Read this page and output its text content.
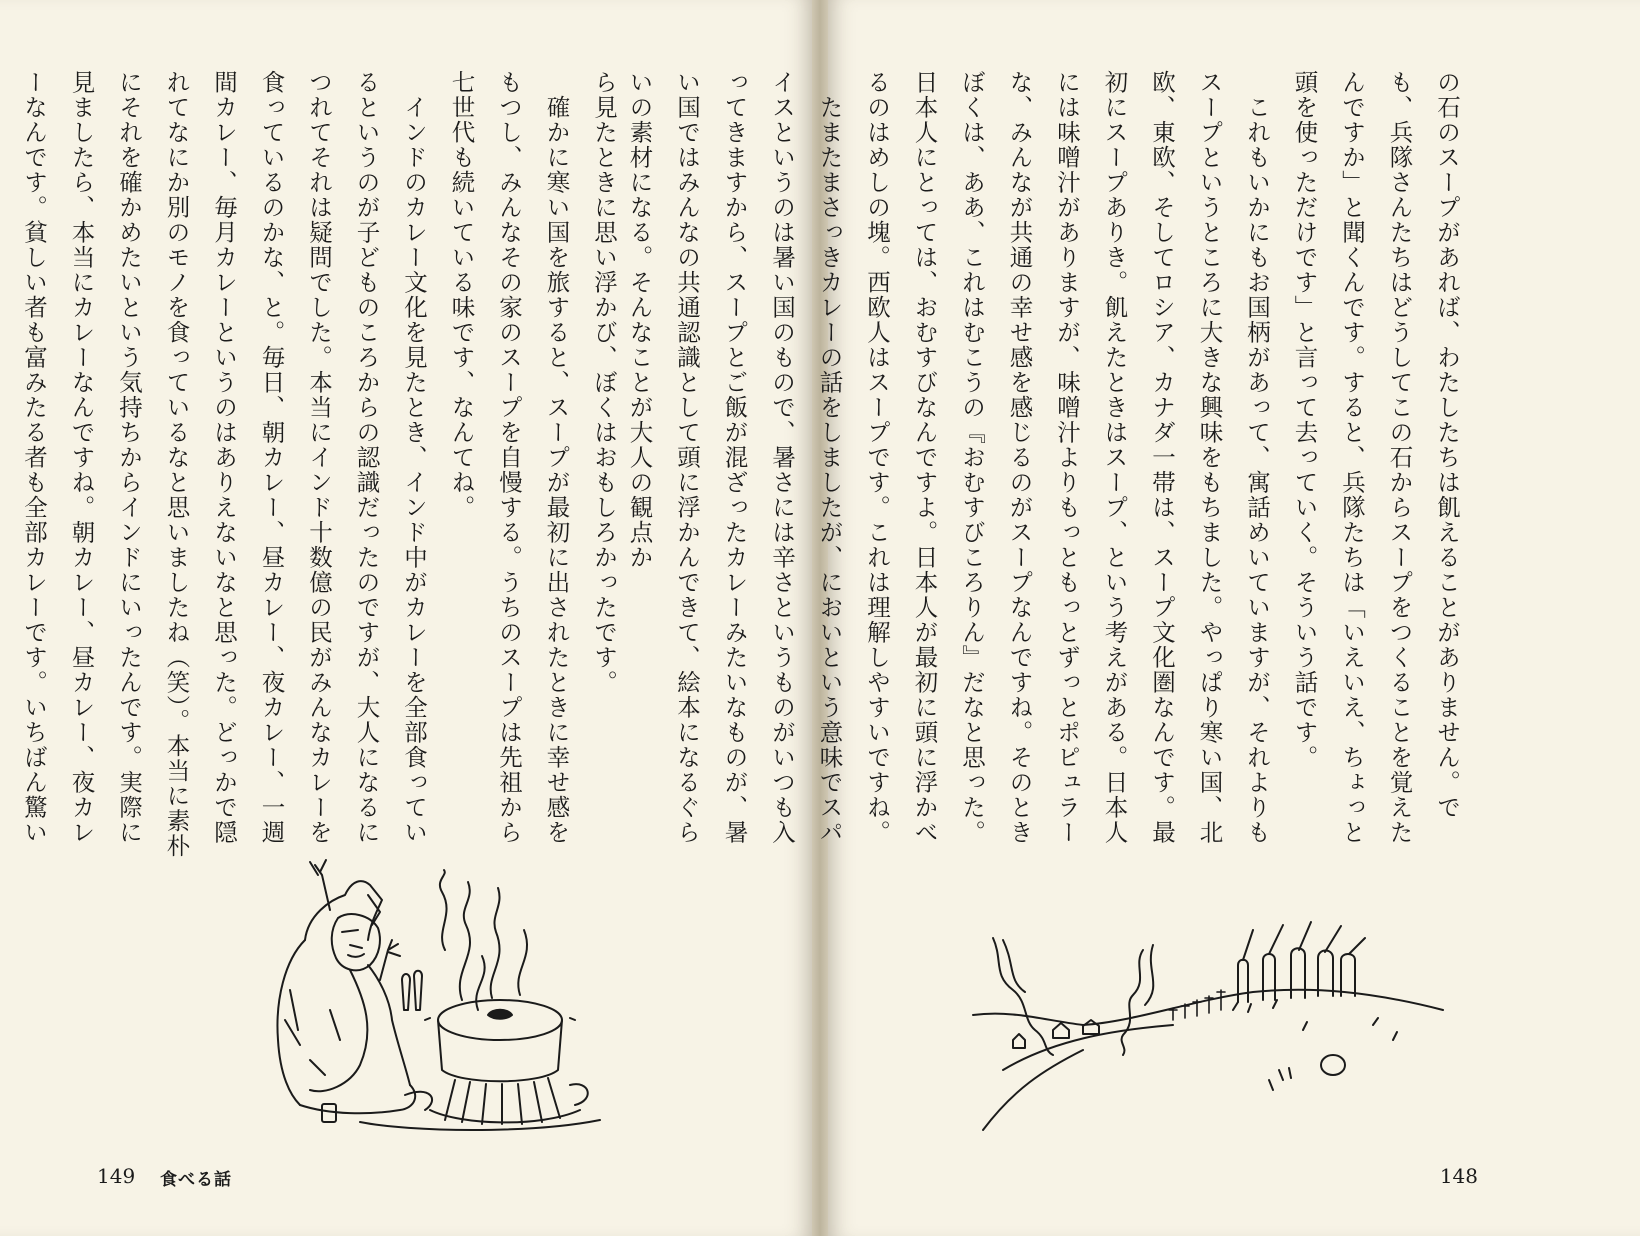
ら見たときに思い浮かび、ぼくはおもしろかったです。
　確かに寒い国を旅すると、スープが最初に出されたときに幸せ感をもつし、みんなその家のスープを自慢する。うちのスープは先祖から七世代も続いている味です、なんてね。
　インドのカレー文化を見たとき、インド中がカレーを全部食っているというのが子どものころからの認識だったのですが、大人になるにつれてそれは疑問でした。本当にインド十数億の民がみんなカレーを食っているのかな、と。毎日、朝カレー、昼カレー、夜カレー、一週間カレー、毎月カレーというのはありえないなと思った。どっかで隠れてなにか別のモノを食っているなと思いましたね（笑）。本当に素朴にそれを確かめたいという気持ちからインドにいったんです。実際に見ましたら、本当にカレーなんですね。朝カレー、昼カレー、夜カレーなんです。貧しい者も富みたる者も全部カレーです。いちばん驚い

149 食べる話
の石のスープがあれば、わたしたちは飢えることがありません。でも、兵隊さんたちはどうしてこの石からスープをつくることを覚えたんですか」と聞くんです。すると、兵隊たちは「いえいえ、ちょっと頭を使っただけです」と言って去っていく。そういう話です。
　これもいかにもお国柄があって、寓話めいていますが、それよりもスープというところに大きな興味をもちました。やっぱり寒い国、北欧、東欧、そしてロシア、カナダ一帯は、スープ文化圏なんです。最初にスープありき。飢えたときはスープ、という考えがある。日本人には味噌汁がありますが、味噌汁よりもっともっとずっとポピュラーな、みんなが共通の幸せ感を感じるのがスープなんですね。そのときぼくは、ああ、これはむこうの『おむすびころりん』だなと思った。日本人にとっては、おむすびなんですよ。日本人が最初に頭に浮かべるのはめしの塊。西欧人はスープです。これは理解しやすいですね。
　たまたまさっきカレーの話をしましたが、においという意味でスパイスというのは暑い国のもので、暑さには辛さというものがいつも入ってきますから、スープとご飯が混ざったカレーみたいなものが、暑い国ではみんなの共通認識として頭に浮かんできて、絵本になるぐらいの素材になる。そんなことが大人の観点か
148
